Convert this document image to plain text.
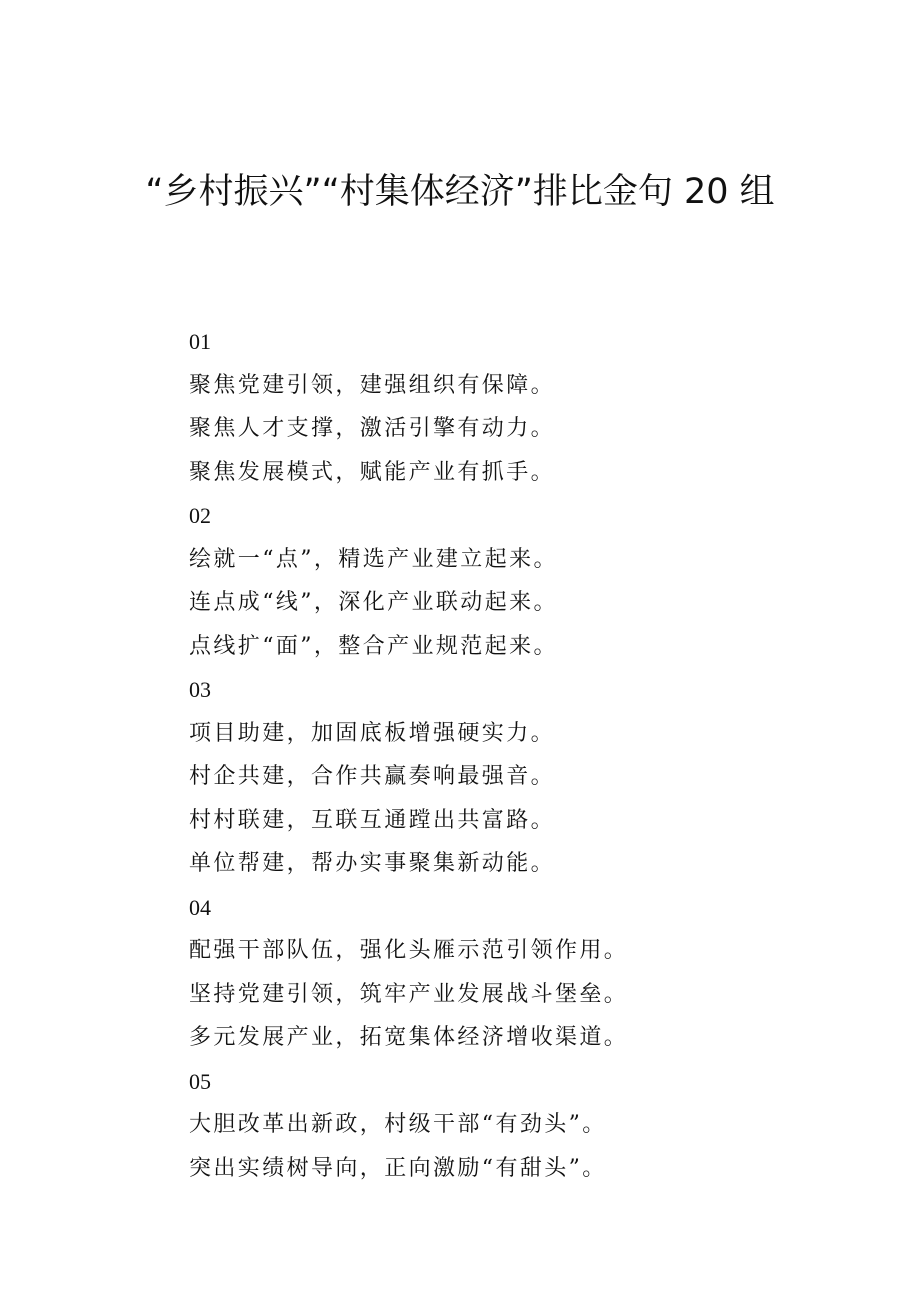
“乡村振兴”“村集体经济”排比金句 20 组
01
聚焦党建引领，建强组织有保障。
聚焦人才支撑，激活引擎有动力。
聚焦发展模式，赋能产业有抓手。
02
绘就一“点”，精选产业建立起来。
连点成“线”，深化产业联动起来。
点线扩“面”，整合产业规范起来。
03
项目助建，加固底板增强硬实力。
村企共建，合作共赢奏响最强音。
村村联建，互联互通蹚出共富路。
单位帮建，帮办实事聚集新动能。
04
配强干部队伍，强化头雁示范引领作用。
坚持党建引领，筑牢产业发展战斗堡垒。
多元发展产业，拓宽集体经济增收渠道。
05
大胆改革出新政，村级干部“有劲头”。
突出实绩树导向，正向激励“有甜头”。
